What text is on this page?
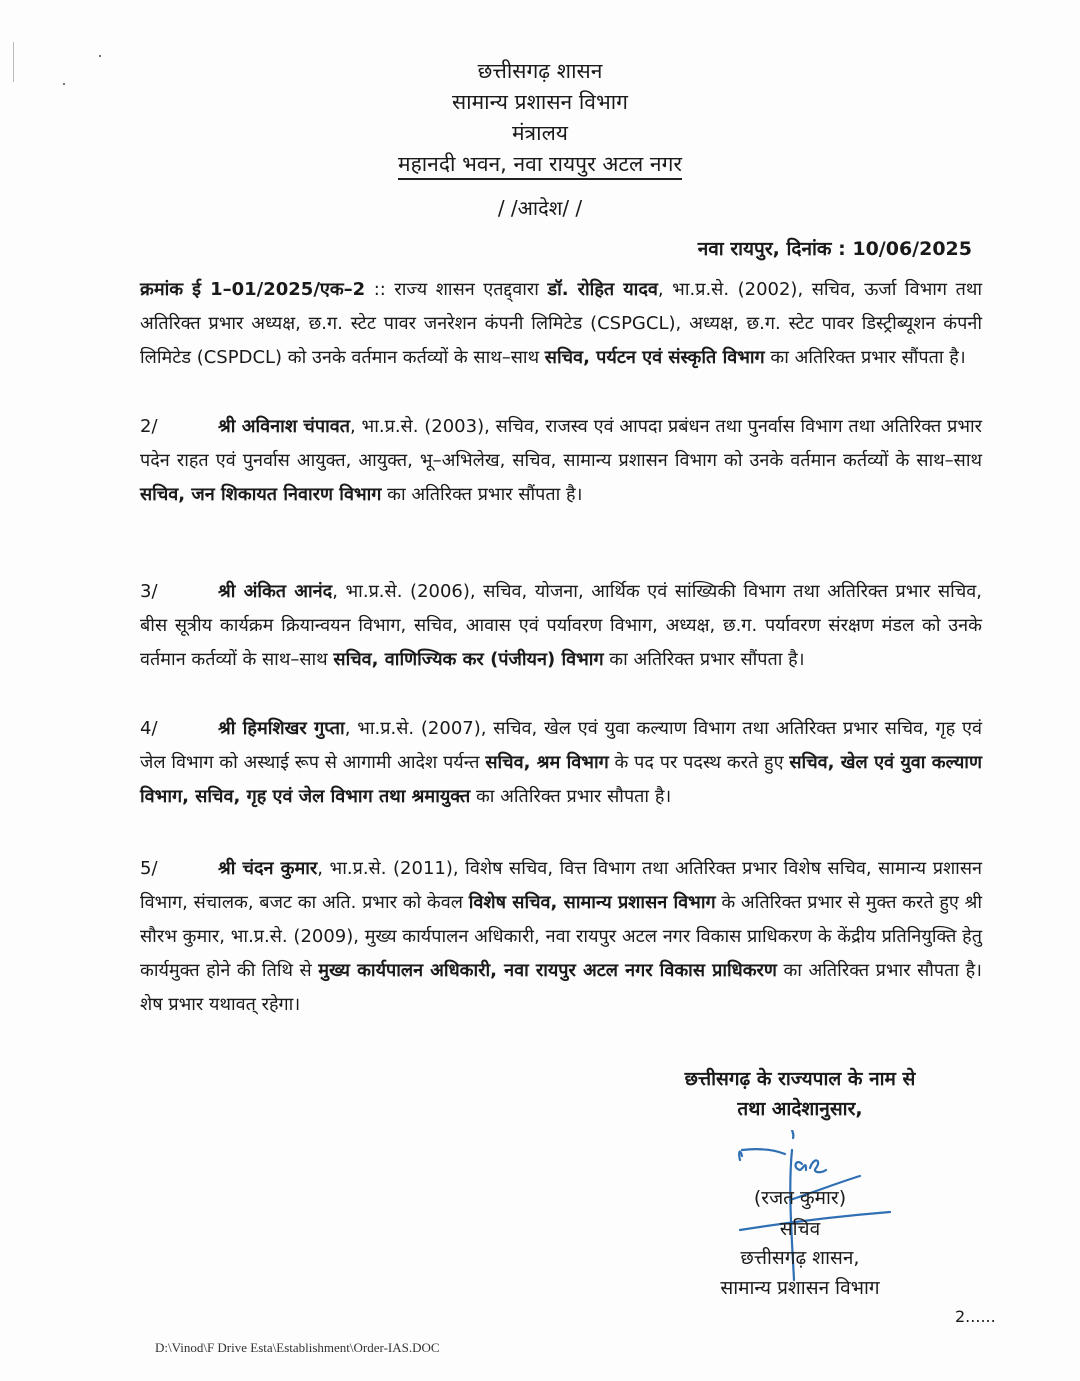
छत्तीसगढ़ शासन
सामान्य प्रशासन विभाग
मंत्रालय
महानदी भवन, नवा रायपुर अटल नगर
/ /आदेश/ /
नवा रायपुर, दिनांक : 10/06/2025
क्रमांक ई 1–01/2025/एक–2 :: राज्य शासन एतद्द्वारा डॉ. रोहित यादव, भा.प्र.से. (2002), सचिव, ऊर्जा विभाग तथा अतिरिक्त प्रभार अध्यक्ष, छ.ग. स्टेट पावर जनरेशन कंपनी लिमिटेड (CSPGCL), अध्यक्ष, छ.ग. स्टेट पावर डिस्ट्रीब्यूशन कंपनी लिमिटेड (CSPDCL) को उनके वर्तमान कर्तव्यों के साथ–साथ सचिव, पर्यटन एवं संस्कृति विभाग का अतिरिक्त प्रभार सौंपता है।
2/	श्री अविनाश चंपावत, भा.प्र.से. (2003), सचिव, राजस्व एवं आपदा प्रबंधन तथा पुनर्वास विभाग तथा अतिरिक्त प्रभार पदेन राहत एवं पुनर्वास आयुक्त, आयुक्त, भू–अभिलेख, सचिव, सामान्य प्रशासन विभाग को उनके वर्तमान कर्तव्यों के साथ–साथ सचिव, जन शिकायत निवारण विभाग का अतिरिक्त प्रभार सौंपता है।
3/	श्री अंकित आनंद, भा.प्र.से. (2006), सचिव, योजना, आर्थिक एवं सांख्यिकी विभाग तथा अतिरिक्त प्रभार सचिव, बीस सूत्रीय कार्यक्रम क्रियान्वयन विभाग, सचिव, आवास एवं पर्यावरण विभाग, अध्यक्ष, छ.ग. पर्यावरण संरक्षण मंडल को उनके वर्तमान कर्तव्यों के साथ–साथ सचिव, वाणिज्यिक कर (पंजीयन) विभाग का अतिरिक्त प्रभार सौंपता है।
4/	श्री हिमशिखर गुप्ता, भा.प्र.से. (2007), सचिव, खेल एवं युवा कल्याण विभाग तथा अतिरिक्त प्रभार सचिव, गृह एवं जेल विभाग को अस्थाई रूप से आगामी आदेश पर्यन्त सचिव, श्रम विभाग के पद पर पदस्थ करते हुए सचिव, खेल एवं युवा कल्याण विभाग, सचिव, गृह एवं जेल विभाग तथा श्रमायुक्त का अतिरिक्त प्रभार सौपता है।
5/	श्री चंदन कुमार, भा.प्र.से. (2011), विशेष सचिव, वित्त विभाग तथा अतिरिक्त प्रभार विशेष सचिव, सामान्य प्रशासन विभाग, संचालक, बजट का अति. प्रभार को केवल विशेष सचिव, सामान्य प्रशासन विभाग के अतिरिक्त प्रभार से मुक्त करते हुए श्री सौरभ कुमार, भा.प्र.से. (2009), मुख्य कार्यपालन अधिकारी, नवा रायपुर अटल नगर विकास प्राधिकरण के केंद्रीय प्रतिनियुक्ति हेतु कार्यमुक्त होने की तिथि से मुख्य कार्यपालन अधिकारी, नवा रायपुर अटल नगर विकास प्राधिकरण का अतिरिक्त प्रभार सौपता है। शेष प्रभार यथावत् रहेगा।
छत्तीसगढ़ के राज्यपाल के नाम से
तथा आदेशानुसार,
(रजत कुमार)
सचिव
छत्तीसगढ़ शासन,
सामान्य प्रशासन विभाग
2......
D:\Vinod\F Drive Esta\Establishment\Order-IAS.DOC
